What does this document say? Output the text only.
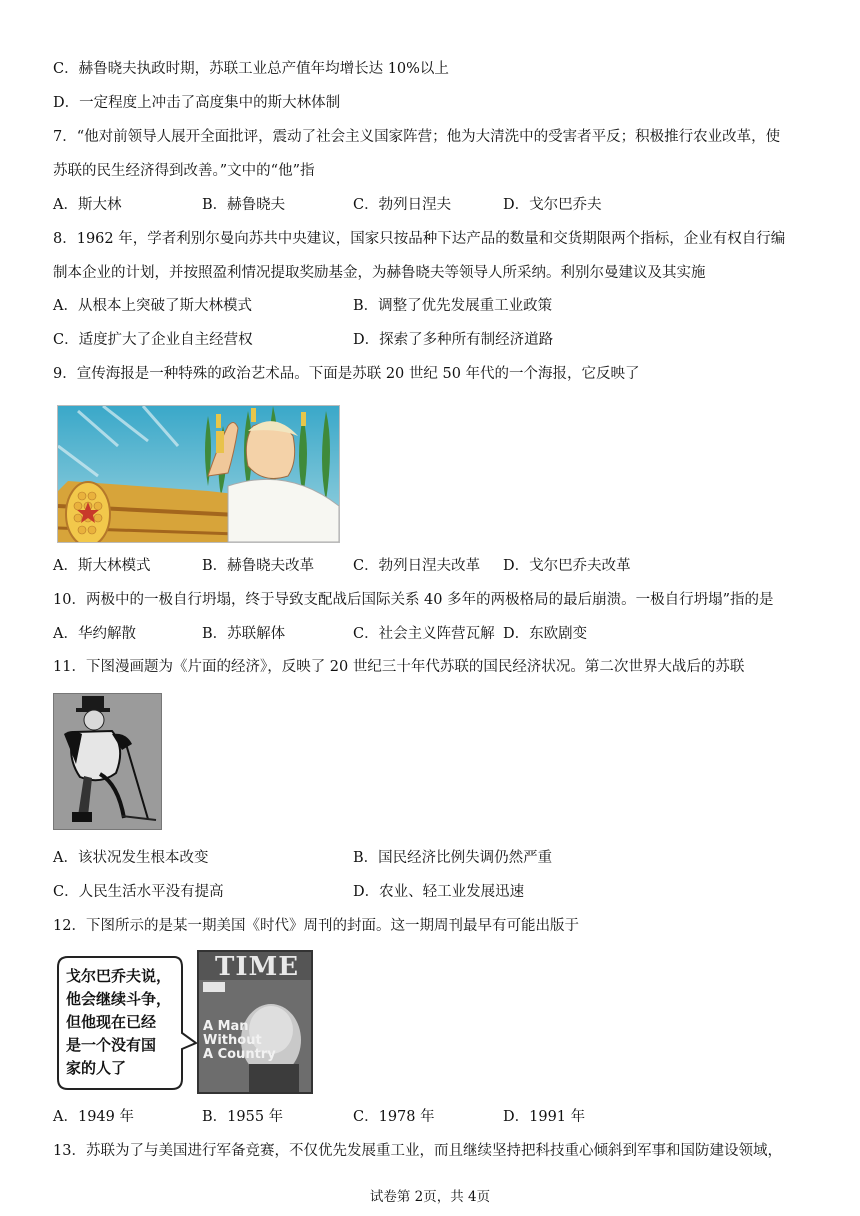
C．赫鲁晓夫执政时期，苏联工业总产值年均增长达 10%以上
D．一定程度上冲击了高度集中的斯大林体制
7．“他对前领导人展开全面批评，震动了社会主义国家阵营；他为大清洗中的受害者平反；积极推行农业改革，使
苏联的民生经济得到改善。”文中的“他”指
A．斯大林	B．赫鲁晓夫	C．勃列日涅夫	D．戈尔巴乔夫
8．1962 年，学者利别尔曼向苏共中央建议，国家只按品种下达产品的数量和交货期限两个指标，企业有权自行编
制本企业的计划，并按照盈利情况提取奖励基金，为赫鲁晓夫等领导人所采纳。利别尔曼建议及其实施
A．从根本上突破了斯大林模式	B．调整了优先发展重工业政策
C．适度扩大了企业自主经营权	D．探索了多种所有制经济道路
9．宣传海报是一种特殊的政治艺术品。下面是苏联 20 世纪 50 年代的一个海报，它反映了
A．斯大林模式	B．赫鲁晓夫改革	C．勃列日涅夫改革 D．戈尔巴乔夫改革
10．两极中的一极自行坍塌，终于导致支配战后国际关系 40 多年的两极格局的最后崩溃。一极自行坍塌”指的是
A．华约解散	B．苏联解体	C．社会主义阵营瓦解 D．东欧剧变
11．下图漫画题为《片面的经济》，反映了 20 世纪三十年代苏联的国民经济状况。第二次世界大战后的苏联
A．该状况发生根本改变	B．国民经济比例失调仍然严重
C．人民生活水平没有提高	D．农业、轻工业发展迅速
12．下图所示的是某一期美国《时代》周刊的封面。这一期周刊最早有可能出版于
戈尔巴乔夫说，
他会继续斗争，
但他现在已经
是一个没有国
家的人了
TIME
A Man
Without
A Country
A．1949 年	B．1955 年	C．1978 年	D．1991 年
13．苏联为了与美国进行军备竞赛，不仅优先发展重工业，而且继续坚持把科技重心倾斜到军事和国防建设领域，
试卷第 2页，共 4页
